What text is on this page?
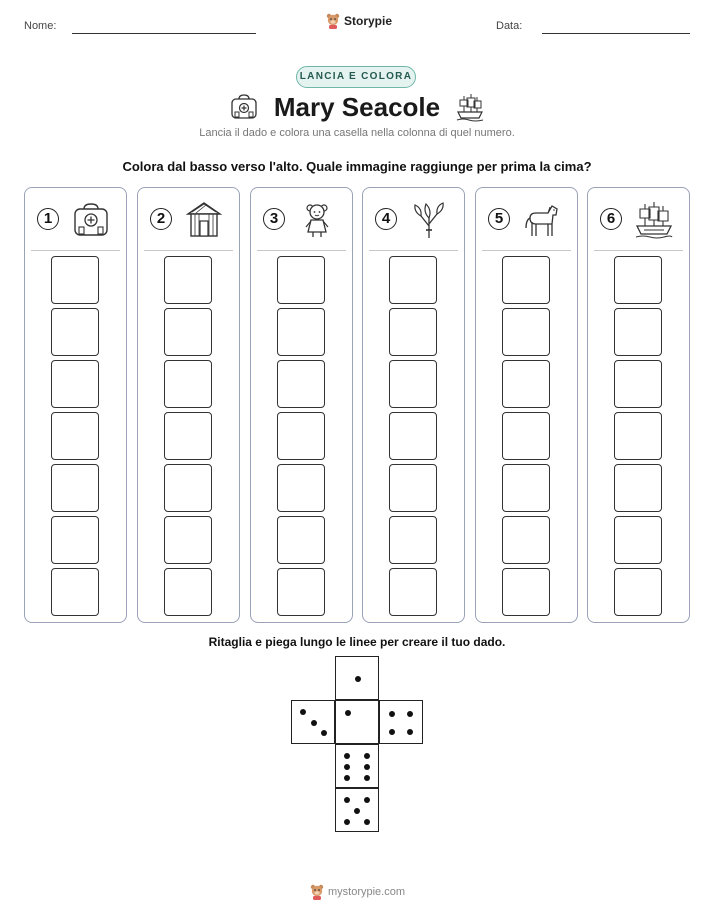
Nome:	Storypie	Data:
LANCIA E COLORA
Mary Seacole
Lancia il dado e colora una casella nella colonna di quel numero.
Colora dal basso verso l'alto. Quale immagine raggiunge per prima la cima?
1	2	3	4	5	6
Ritaglia e piega lungo le linee per creare il tuo dado.
mystorypie.com
